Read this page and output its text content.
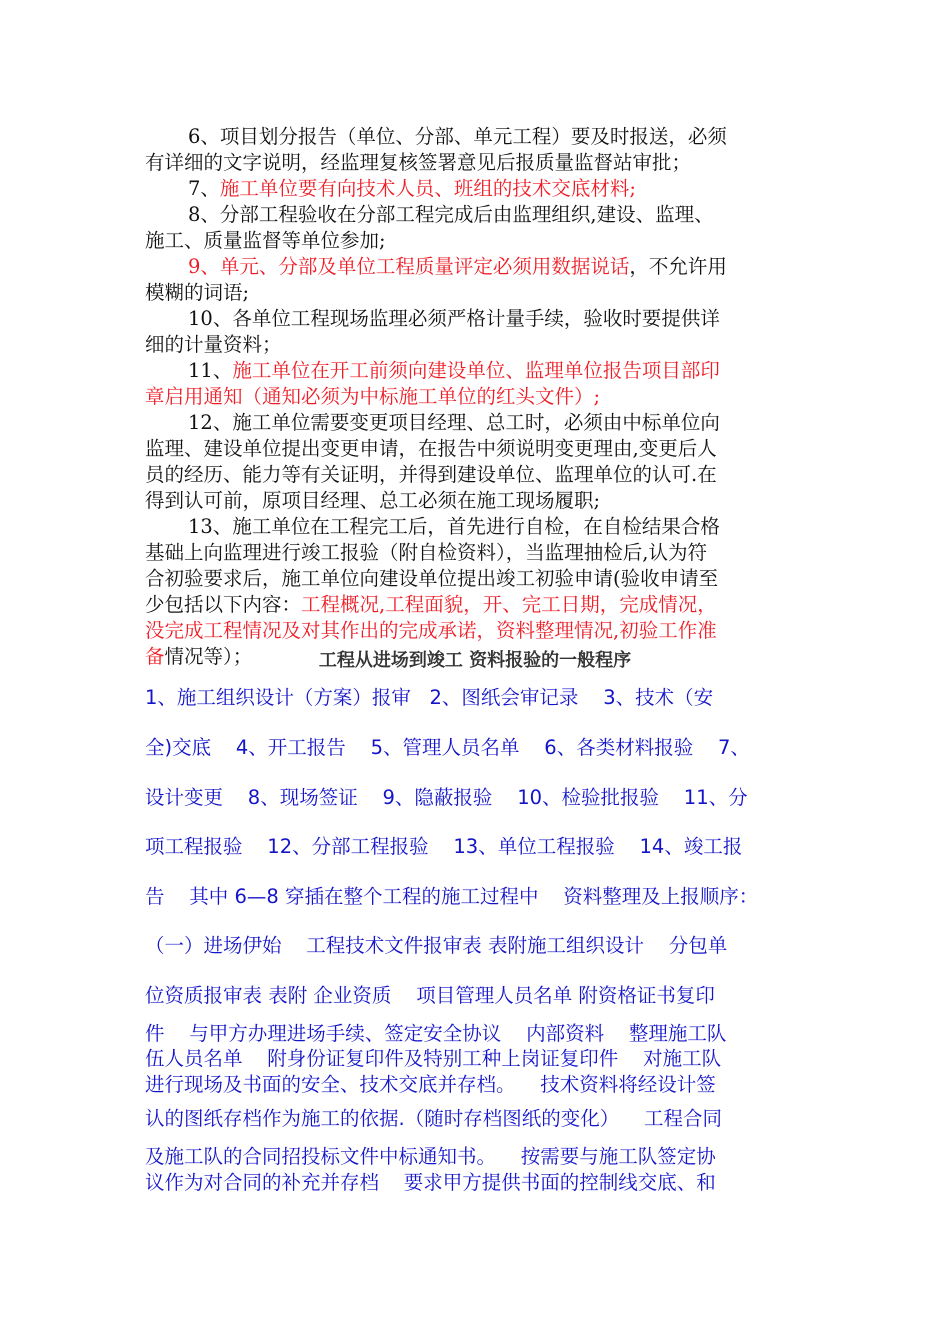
6、项目划分报告（单位、分部、单元工程）要及时报送，必须
有详细的文字说明，经监理复核签署意见后报质量监督站审批；
7、施工单位要有向技术人员、班组的技术交底材料;
8、分部工程验收在分部工程完成后由监理组织,建设、监理、
施工、质量监督等单位参加;
9、单元、分部及单位工程质量评定必须用数据说话，不允许用
模糊的词语;
10、各单位工程现场监理必须严格计量手续，验收时要提供详
细的计量资料；
11、施工单位在开工前须向建设单位、监理单位报告项目部印
章启用通知（通知必须为中标施工单位的红头文件）;
12、施工单位需要变更项目经理、总工时，必须由中标单位向
监理、建设单位提出变更申请，在报告中须说明变更理由,变更后人
员的经历、能力等有关证明，并得到建设单位、监理单位的认可.在
得到认可前，原项目经理、总工必须在施工现场履职;
13、施工单位在工程完工后，首先进行自检，在自检结果合格
基础上向监理进行竣工报验（附自检资料），当监理抽检后,认为符
合初验要求后，施工单位向建设单位提出竣工初验申请(验收申请至
少包括以下内容：工程概况,工程面貌，开、完工日期，完成情况，
没完成工程情况及对其作出的完成承诺，资料整理情况,初验工作准
备情况等）；	工程从进场到竣工 资料报验的一般程序
1、施工组织设计（方案）报审   2、图纸会审记录    3、技术（安
全)交底    4、开工报告    5、管理人员名单    6、各类材料报验    7、
设计变更    8、现场签证    9、隐蔽报验    10、检验批报验    11、分
项工程报验    12、分部工程报验    13、单位工程报验    14、竣工报
告    其中 6—8 穿插在整个工程的施工过程中    资料整理及上报顺序：
（一）进场伊始    工程技术文件报审表 表附施工组织设计    分包单
位资质报审表 表附 企业资质    项目管理人员名单 附资格证书复印
件    与甲方办理进场手续、签定安全协议    内部资料    整理施工队
伍人员名单    附身份证复印件及特别工种上岗证复印件    对施工队
进行现场及书面的安全、技术交底并存档。    技术资料将经设计签
认的图纸存档作为施工的依据.（随时存档图纸的变化）    工程合同
及施工队的合同招投标文件中标通知书。    按需要与施工队签定协
议作为对合同的补充并存档    要求甲方提供书面的控制线交底、和
